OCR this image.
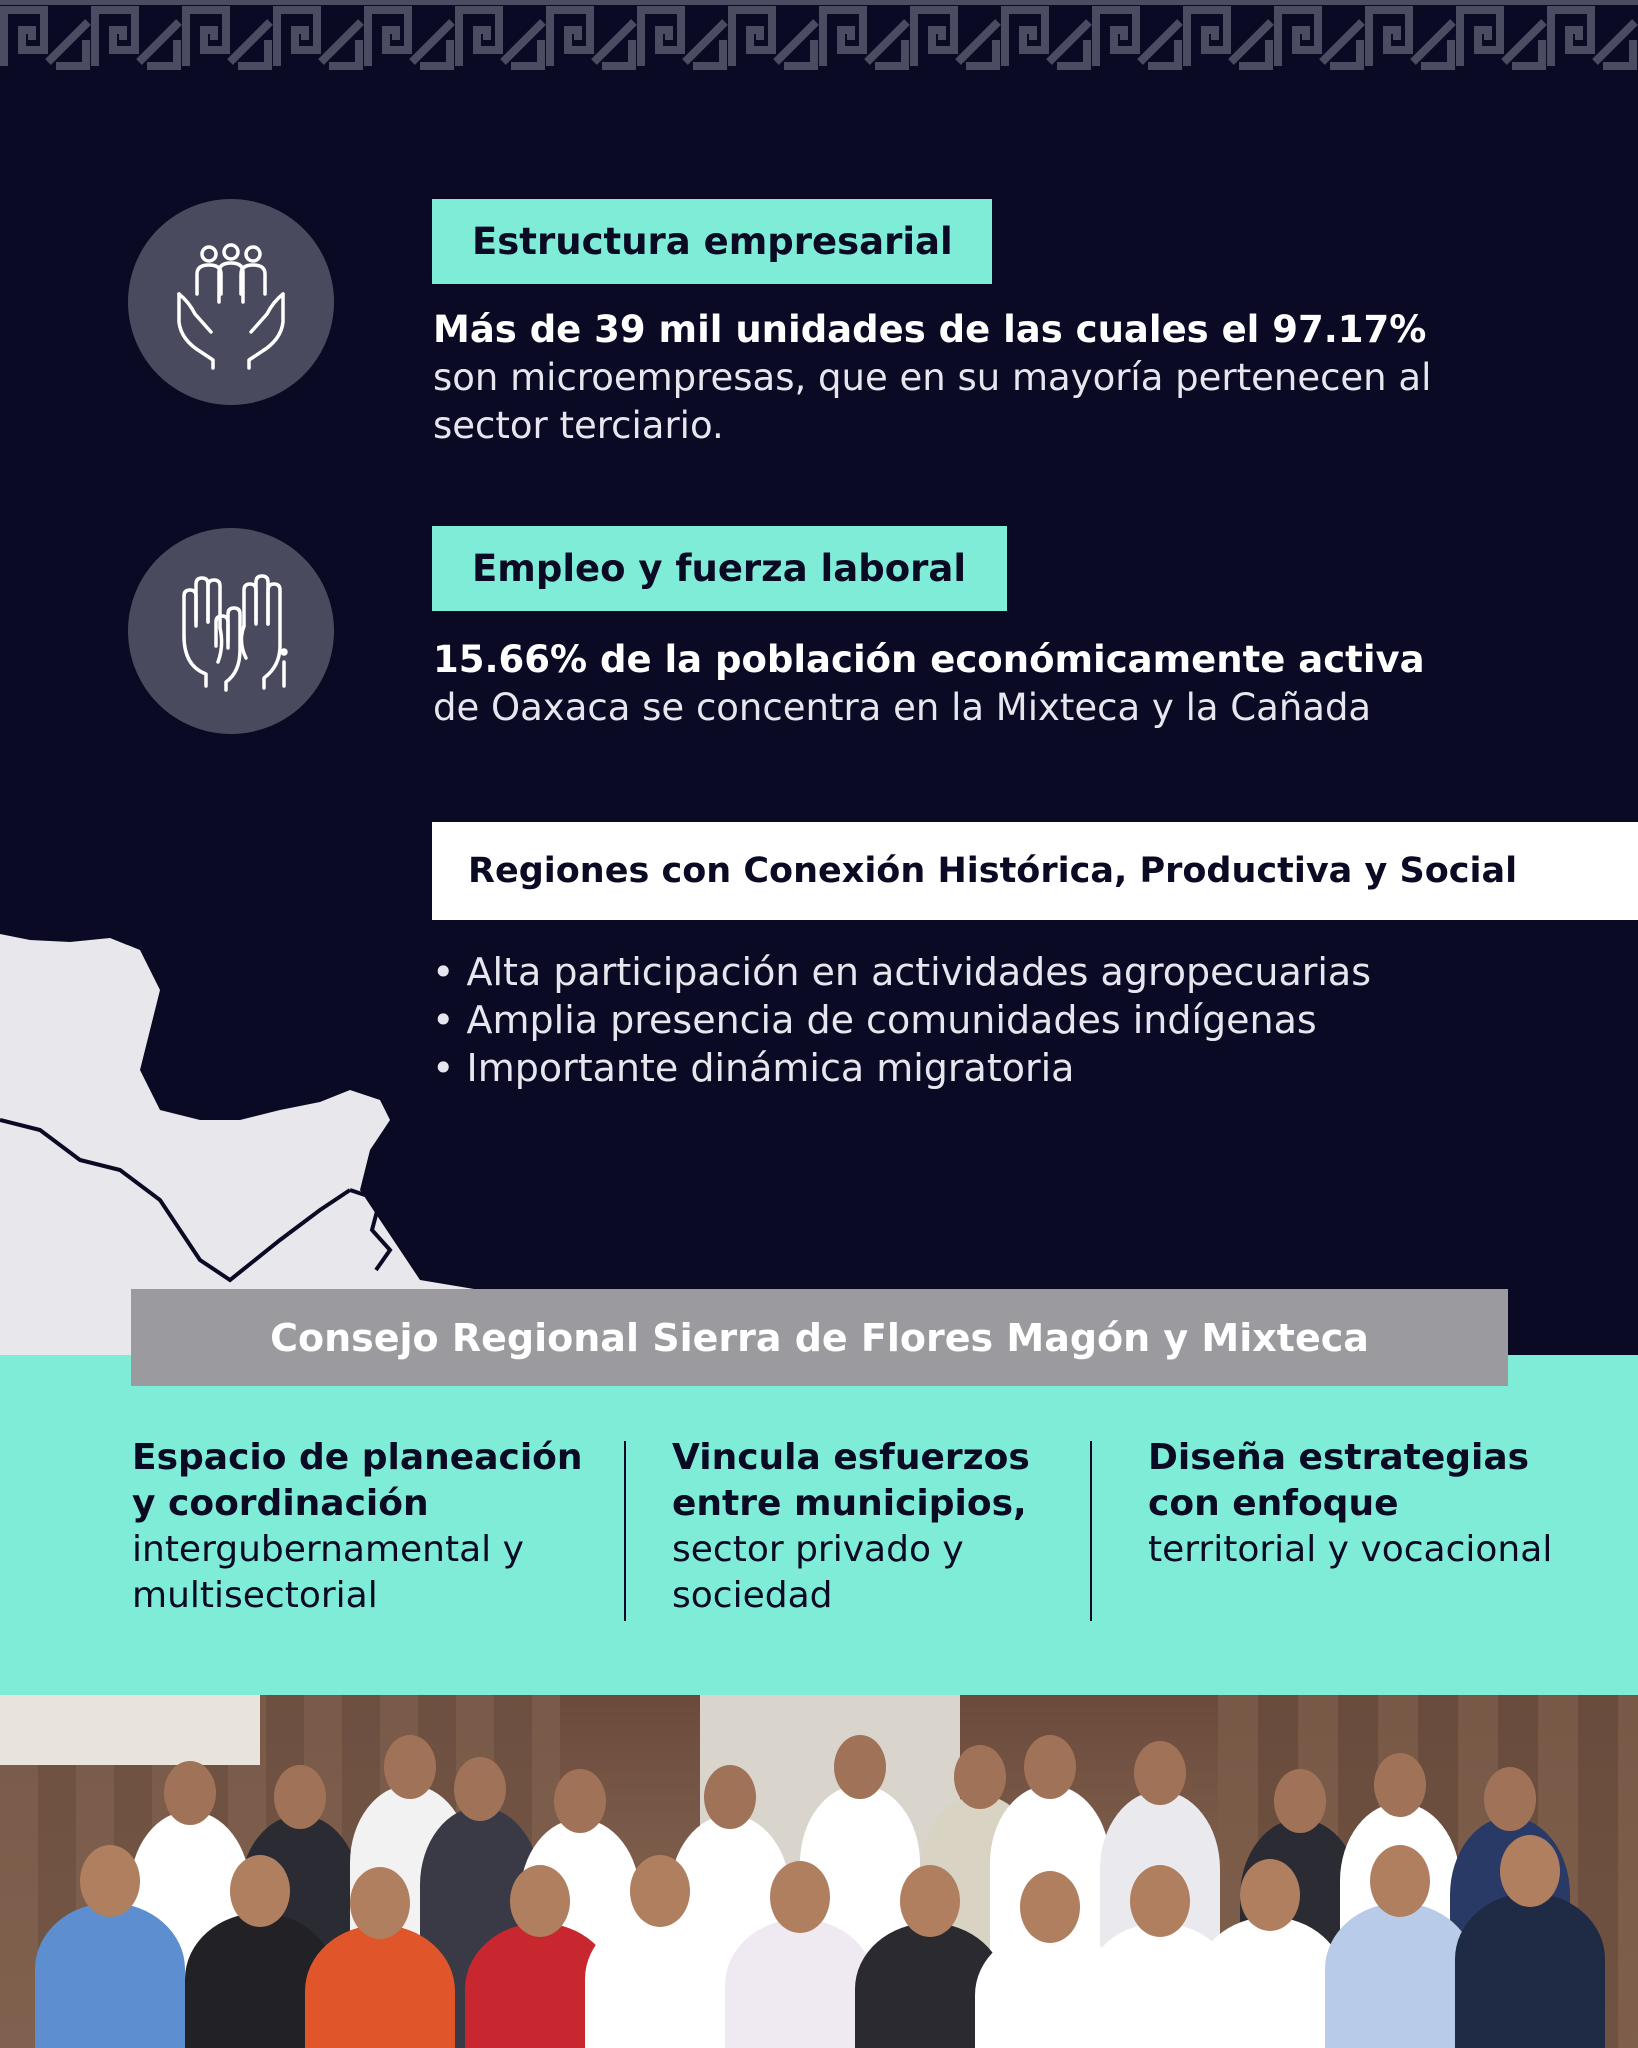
Estructura empresarial
Más de 39 mil unidades de las cuales el 97.17%
son microempresas, que en su mayoría pertenecen al sector terciario.
Empleo y fuerza laboral
15.66% de la población económicamente activa
de Oaxaca se concentra en la Mixteca y la Cañada
Regiones con Conexión Histórica, Productiva y Social
• Alta participación en actividades agropecuarias
• Amplia presencia de comunidades indígenas
• Importante dinámica migratoria
Consejo Regional Sierra de Flores Magón y Mixteca
Espacio de planeación y coordinación
intergubernamental y multisectorial
Vincula esfuerzos entre municipios,
sector privado y sociedad
Diseña estrategias con enfoque
territorial y vocacional
